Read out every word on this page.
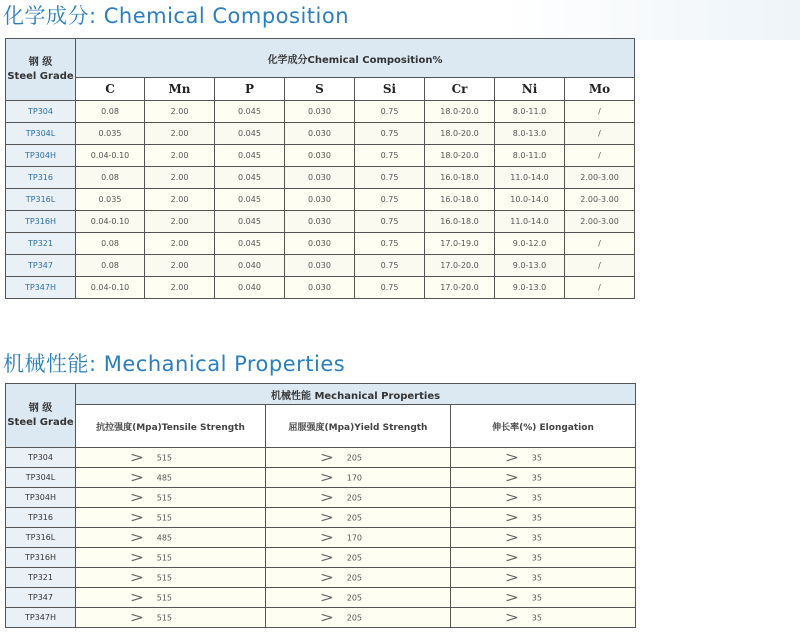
化学成分: Chemical Composition
钢 级
Steel Grade	化学成分Chemical Composition%							
	C	Mn	P	S	Si	Cr	Ni	Mo
TP304	0.08	2.00	0.045	0.030	0.75	18.0-20.0	8.0-11.0	/
TP304L	0.035	2.00	0.045	0.030	0.75	18.0-20.0	8.0-13.0	/
TP304H	0.04-0.10	2.00	0.045	0.030	0.75	18.0-20.0	8.0-11.0	/
TP316	0.08	2.00	0.045	0.030	0.75	16.0-18.0	11.0-14.0	2.00-3.00
TP316L	0.035	2.00	0.045	0.030	0.75	16.0-18.0	10.0-14.0	2.00-3.00
TP316H	0.04-0.10	2.00	0.045	0.030	0.75	16.0-18.0	11.0-14.0	2.00-3.00
TP321	0.08	2.00	0.045	0.030	0.75	17.0-19.0	9.0-12.0	/
TP347	0.08	2.00	0.040	0.030	0.75	17.0-20.0	9.0-13.0	/
TP347H	0.04-0.10	2.00	0.040	0.030	0.75	17.0-20.0	9.0-13.0	/
机械性能: Mechanical Properties
钢 级
Steel Grade	机械性能 Mechanical Properties		
	抗拉强度(Mpa)Tensile Strength	屈服强度(Mpa)Yield Strength	伸长率(%) Elongation
TP304	> 515	> 205	> 35
TP304L	> 485	> 170	> 35
TP304H	> 515	> 205	> 35
TP316	> 515	> 205	> 35
TP316L	> 485	> 170	> 35
TP316H	> 515	> 205	> 35
TP321	> 515	> 205	> 35
TP347	> 515	> 205	> 35
TP347H	> 515	> 205	> 35
